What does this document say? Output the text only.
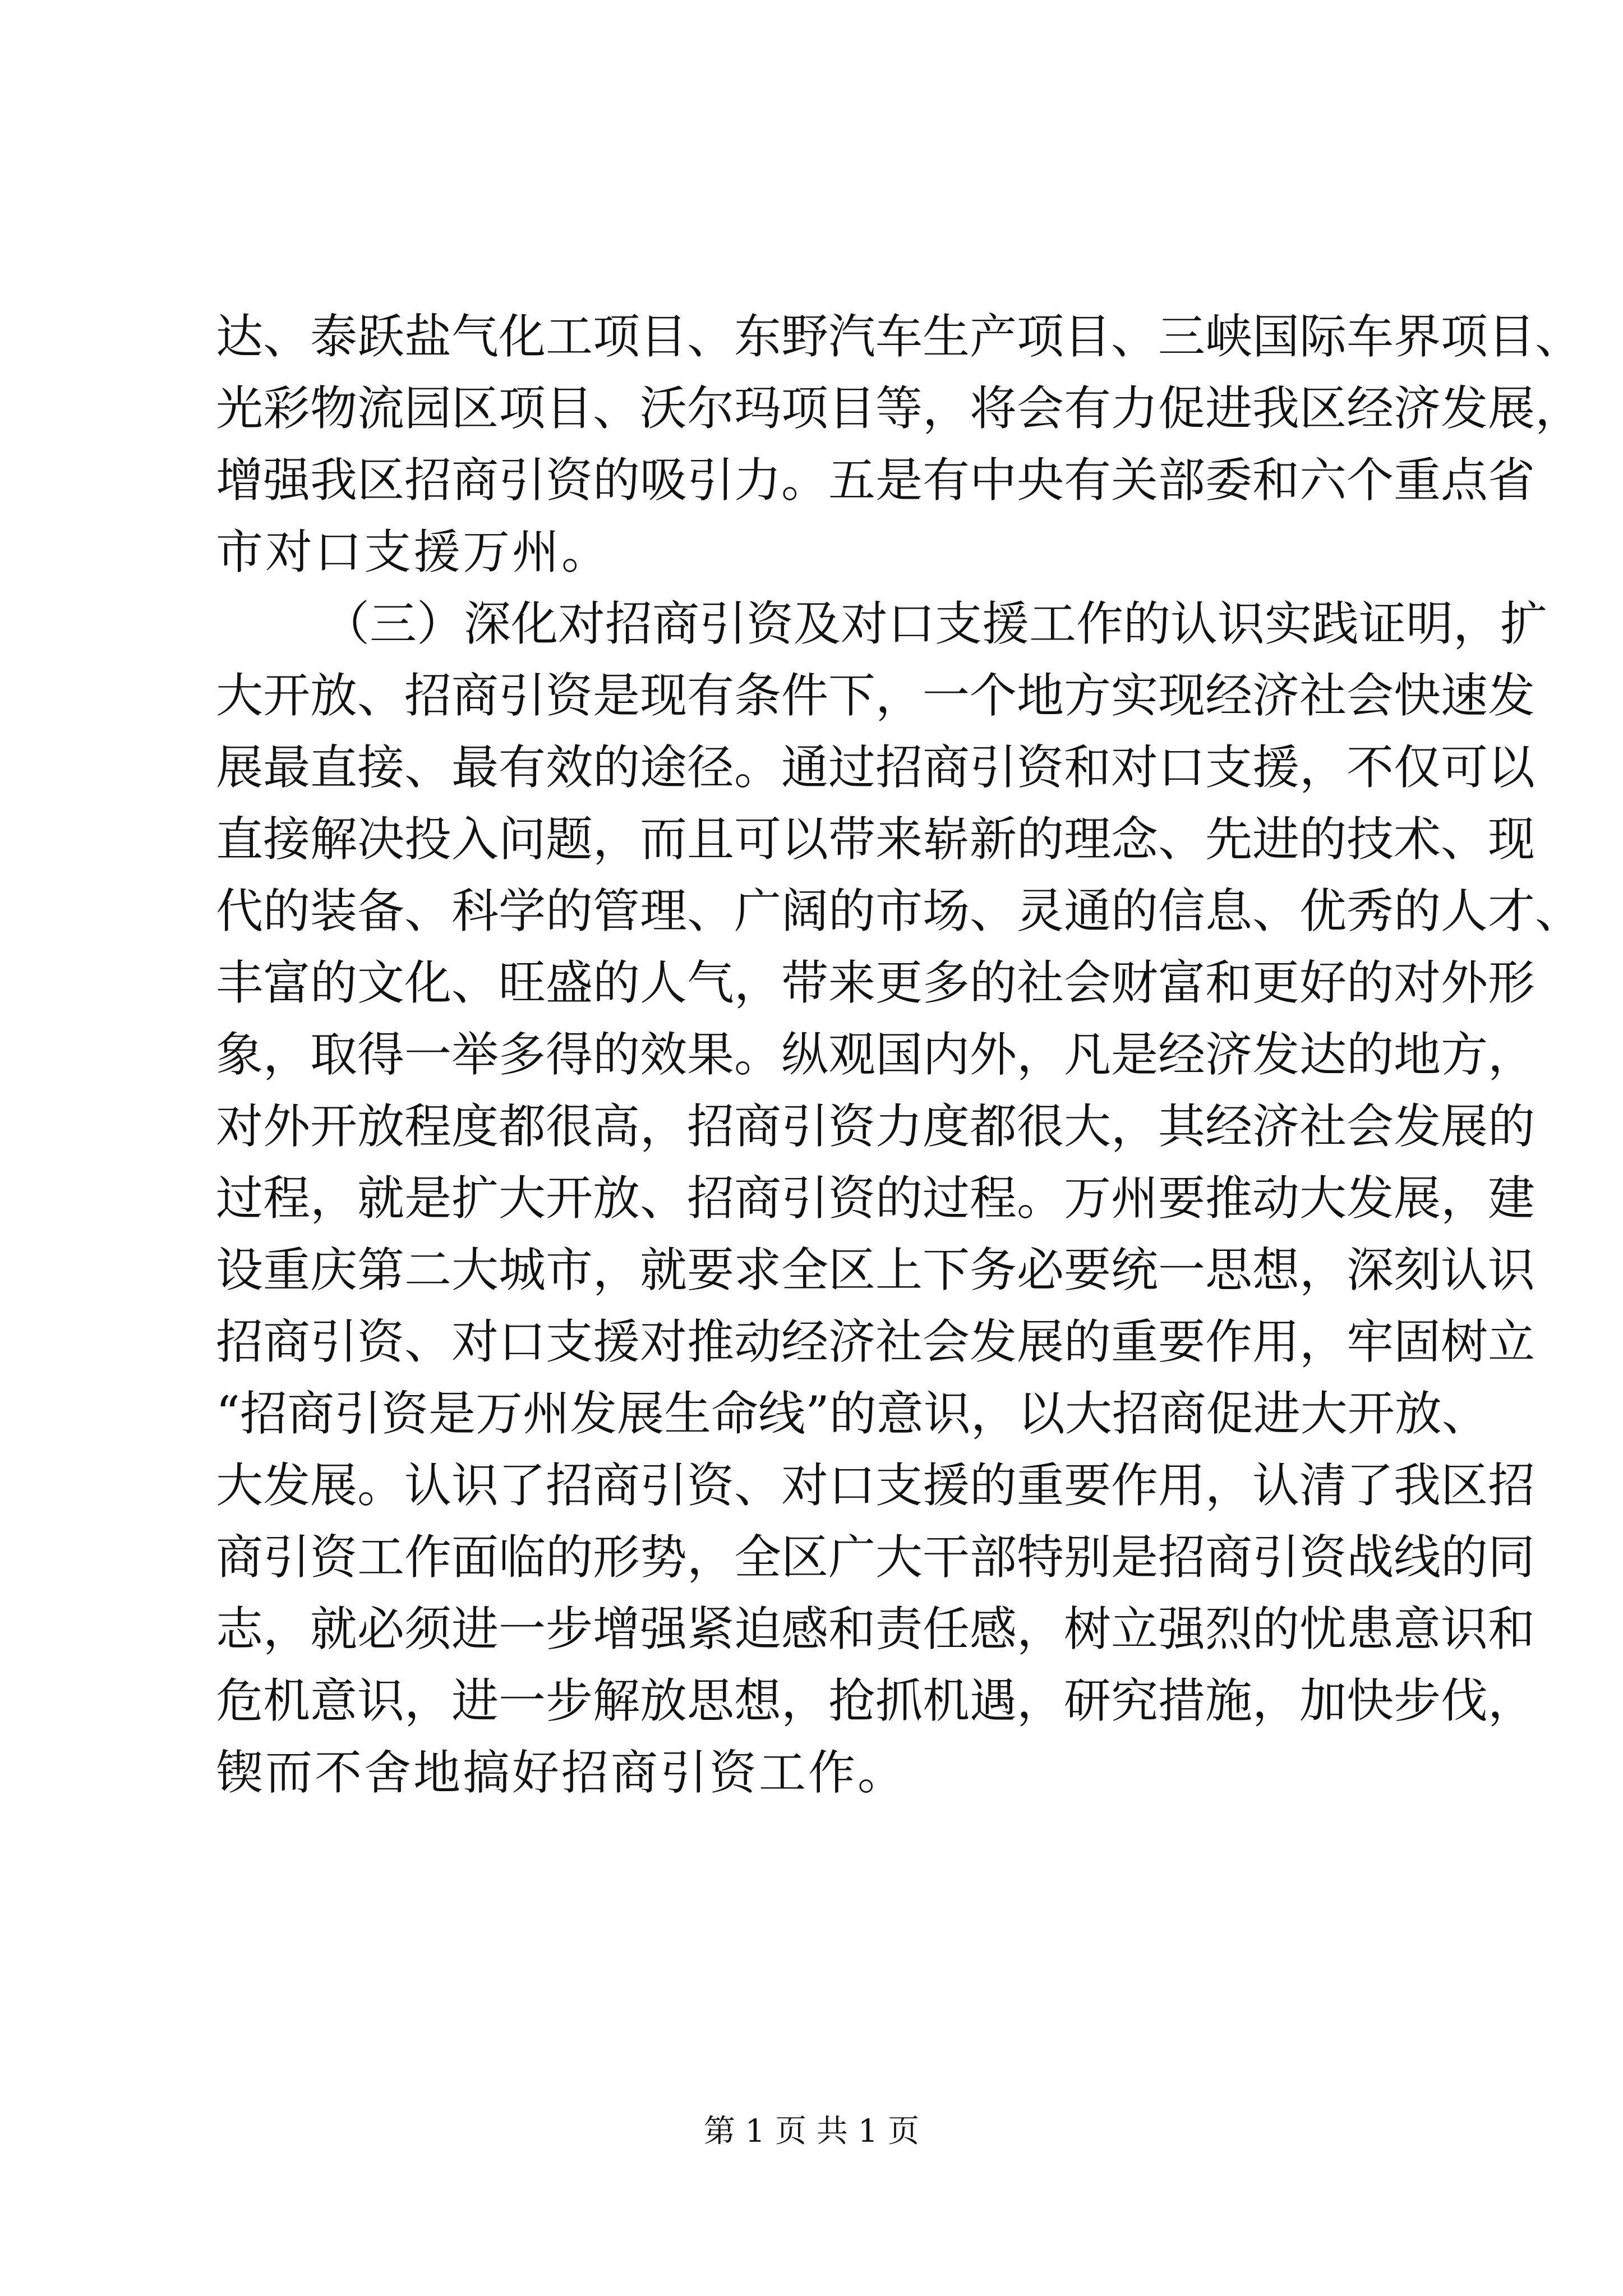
达、泰跃盐气化工项目、东野汽车生产项目、三峡国际车界项目、
光彩物流园区项目、沃尔玛项目等，将会有力促进我区经济发展，
增强我区招商引资的吸引力。五是有中央有关部委和六个重点省
市对口支援万州。
（三）深化对招商引资及对口支援工作的认识实践证明，扩
大开放、招商引资是现有条件下，一个地方实现经济社会快速发
展最直接、最有效的途径。通过招商引资和对口支援，不仅可以
直接解决投入问题，而且可以带来崭新的理念、先进的技术、现
代的装备、科学的管理、广阔的市场、灵通的信息、优秀的人才、
丰富的文化、旺盛的人气，带来更多的社会财富和更好的对外形
象，取得一举多得的效果。纵观国内外，凡是经济发达的地方，
对外开放程度都很高，招商引资力度都很大，其经济社会发展的
过程，就是扩大开放、招商引资的过程。万州要推动大发展，建
设重庆第二大城市，就要求全区上下务必要统一思想，深刻认识
招商引资、对口支援对推动经济社会发展的重要作用，牢固树立
“招商引资是万州发展生命线”的意识，以大招商促进大开放、
大发展。认识了招商引资、对口支援的重要作用，认清了我区招
商引资工作面临的形势，全区广大干部特别是招商引资战线的同
志，就必须进一步增强紧迫感和责任感，树立强烈的忧患意识和
危机意识，进一步解放思想，抢抓机遇，研究措施，加快步伐，
锲而不舍地搞好招商引资工作。
第 1 页 共 1 页
